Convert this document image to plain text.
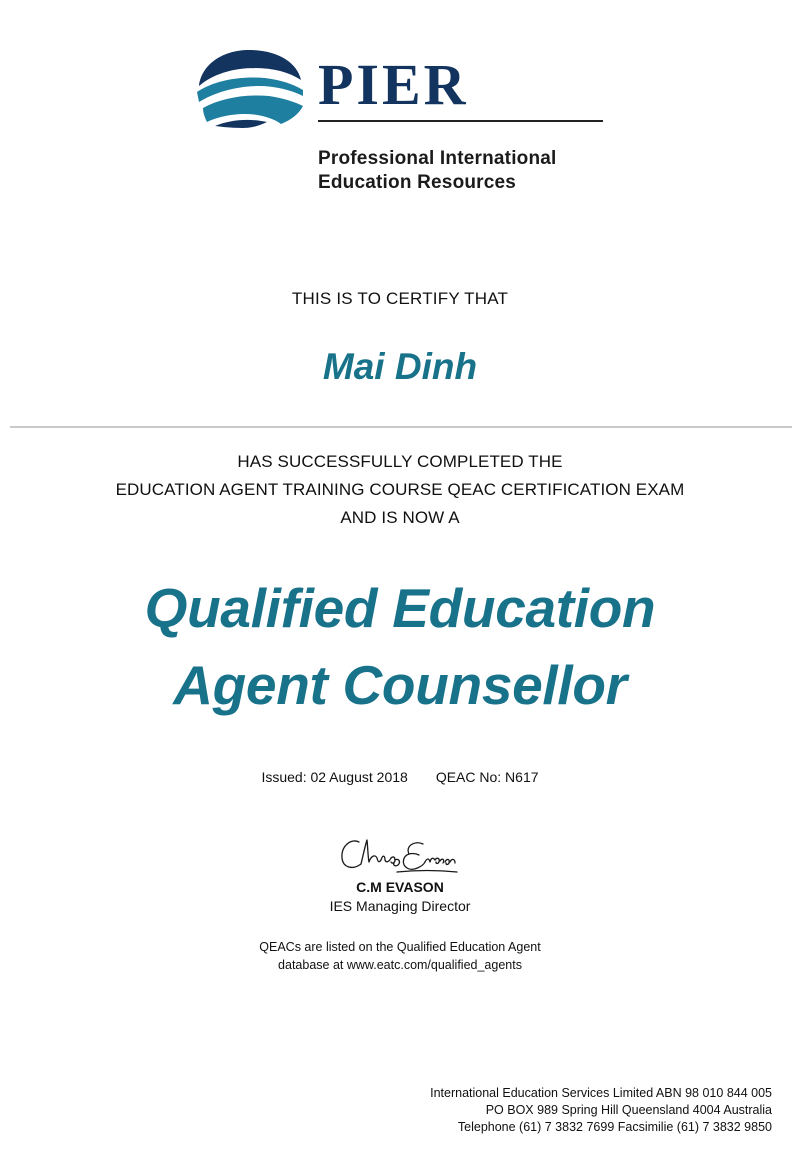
PIER
Professional International
Education Resources
THIS IS TO CERTIFY THAT
Mai Dinh
HAS SUCCESSFULLY COMPLETED THE
EDUCATION AGENT TRAINING COURSE QEAC CERTIFICATION EXAM
AND IS NOW A
Qualified Education
Agent Counsellor
Issued: 02 August 2018 QEAC No: N617
C.M EVASON
IES Managing Director
QEACs are listed on the Qualified Education Agent
database at www.eatc.com/qualified_agents
International Education Services Limited ABN 98 010 844 005
PO BOX 989 Spring Hill Queensland 4004 Australia
Telephone (61) 7 3832 7699 Facsimilie (61) 7 3832 9850
